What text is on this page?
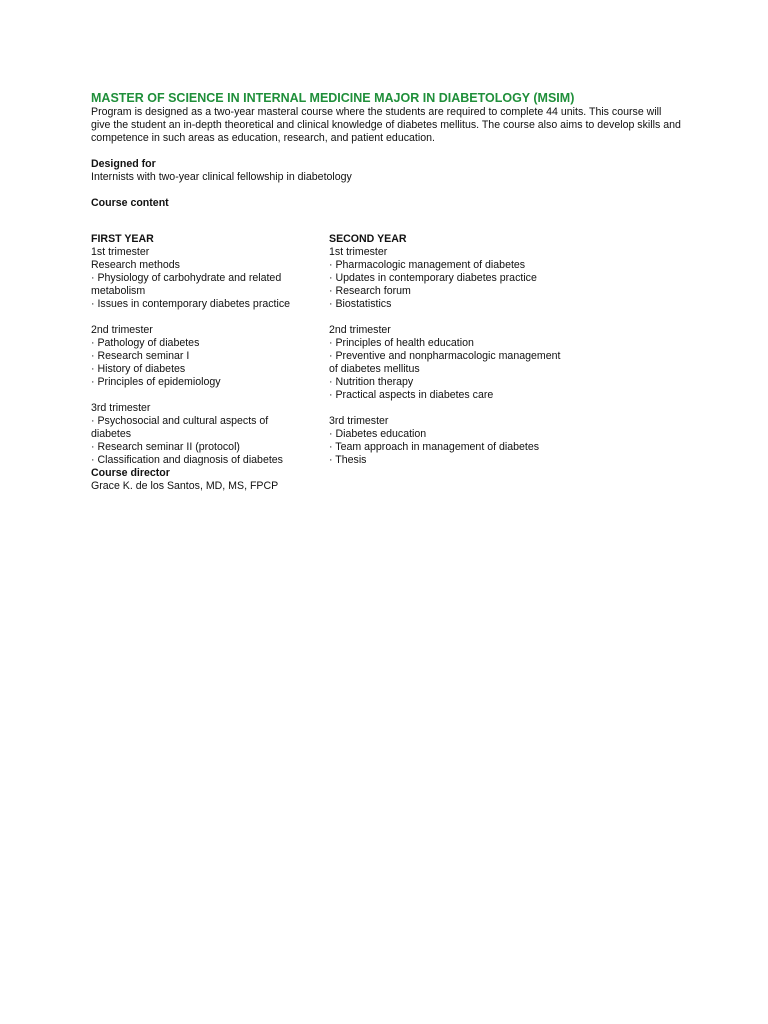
MASTER OF SCIENCE IN INTERNAL MEDICINE MAJOR IN DIABETOLOGY (MSIM)

Program is designed as a two-year masteral course where the students are required to complete 44 units. This course will give the student an in-depth theoretical and clinical knowledge of diabetes mellitus. The course also aims to develop skills and competence in such areas as education, research, and patient education.

Designed for

Internists with two-year clinical fellowship in diabetology

Course content

FIRST YEAR

1st trimester

Research methods

· Physiology of carbohydrate and related metabolism

· Issues in contemporary diabetes practice

2nd trimester

· Pathology of diabetes

· Research seminar I

· History of diabetes

· Principles of epidemiology

3rd trimester

· Psychosocial and cultural aspects of diabetes

· Research seminar II (protocol)

· Classification and diagnosis of diabetes

SECOND YEAR

1st trimester

· Pharmacologic management of diabetes

· Updates in contemporary diabetes practice

· Research forum

· Biostatistics

2nd trimester

· Principles of health education

· Preventive and nonpharmacologic management of diabetes mellitus

· Nutrition therapy

· Practical aspects in diabetes care

3rd trimester

· Diabetes education

· Team approach in management of diabetes

· Thesis

Course director

Grace K. de los Santos, MD, MS, FPCP
